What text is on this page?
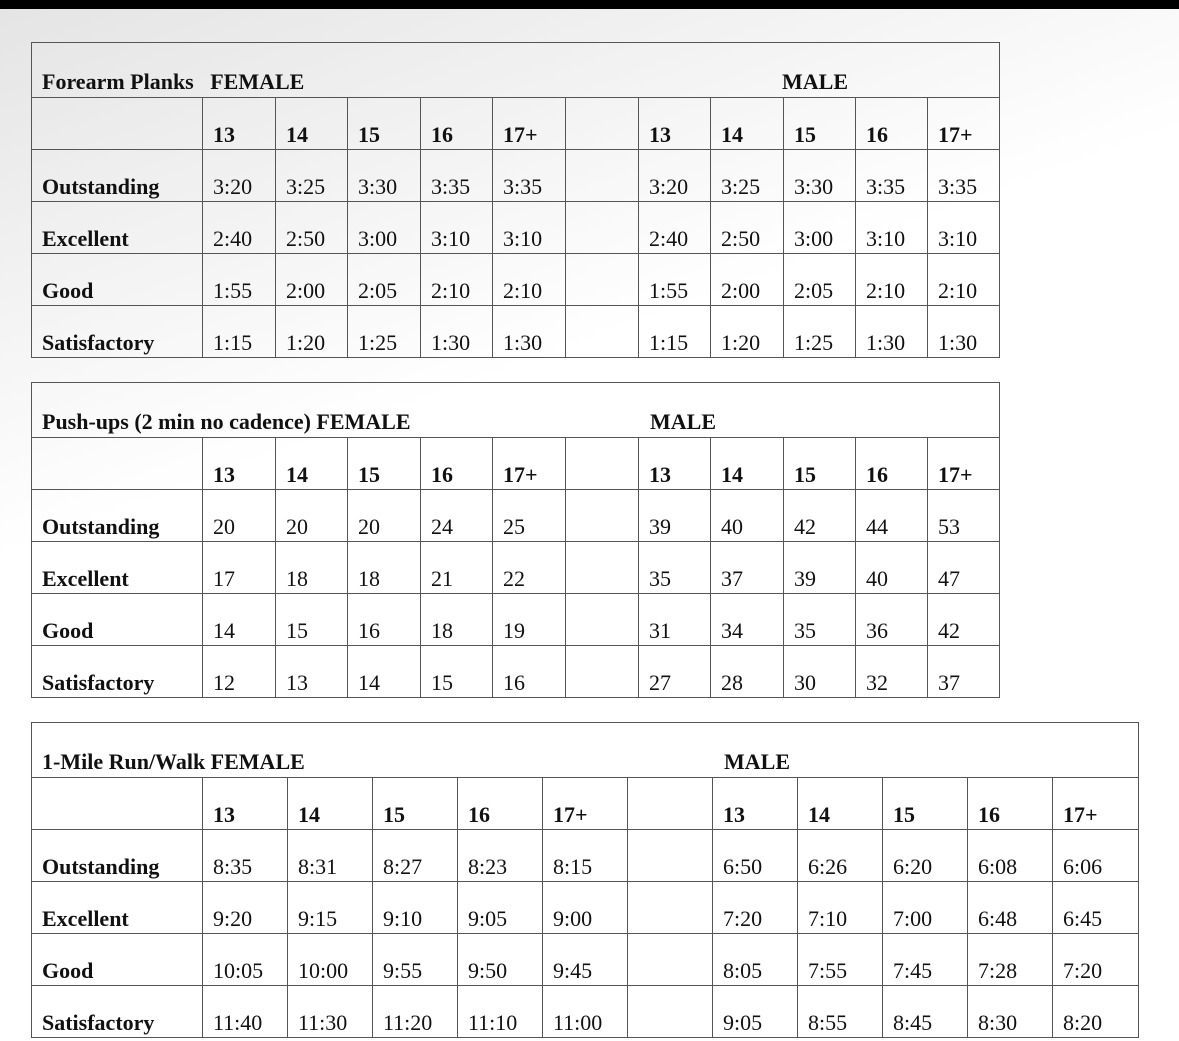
Forearm Planks   FEMALE MALE											

	13	14	15	16	17+		13	14	15	16	17+
Outstanding	3:20	3:25	3:30	3:35	3:35		3:20	3:25	3:30	3:35	3:35
Excellent	2:40	2:50	3:00	3:10	3:10		2:40	2:50	3:00	3:10	3:10
Good	1:55	2:00	2:05	2:10	2:10		1:55	2:00	2:05	2:10	2:10
Satisfactory	1:15	1:20	1:25	1:30	1:30		1:15	1:20	1:25	1:30	1:30
Push-ups (2 min no cadence) FEMALE MALE											

	13	14	15	16	17+		13	14	15	16	17+
Outstanding	20	20	20	24	25		39	40	42	44	53
Excellent	17	18	18	21	22		35	37	39	40	47
Good	14	15	16	18	19		31	34	35	36	42
Satisfactory	12	13	14	15	16		27	28	30	32	37
1-Mile Run/Walk FEMALE MALE											

	13	14	15	16	17+		13	14	15	16	17+
Outstanding	8:35	8:31	8:27	8:23	8:15		6:50	6:26	6:20	6:08	6:06
Excellent	9:20	9:15	9:10	9:05	9:00		7:20	7:10	7:00	6:48	6:45
Good	10:05	10:00	9:55	9:50	9:45		8:05	7:55	7:45	7:28	7:20
Satisfactory	11:40	11:30	11:20	11:10	11:00		9:05	8:55	8:45	8:30	8:20
